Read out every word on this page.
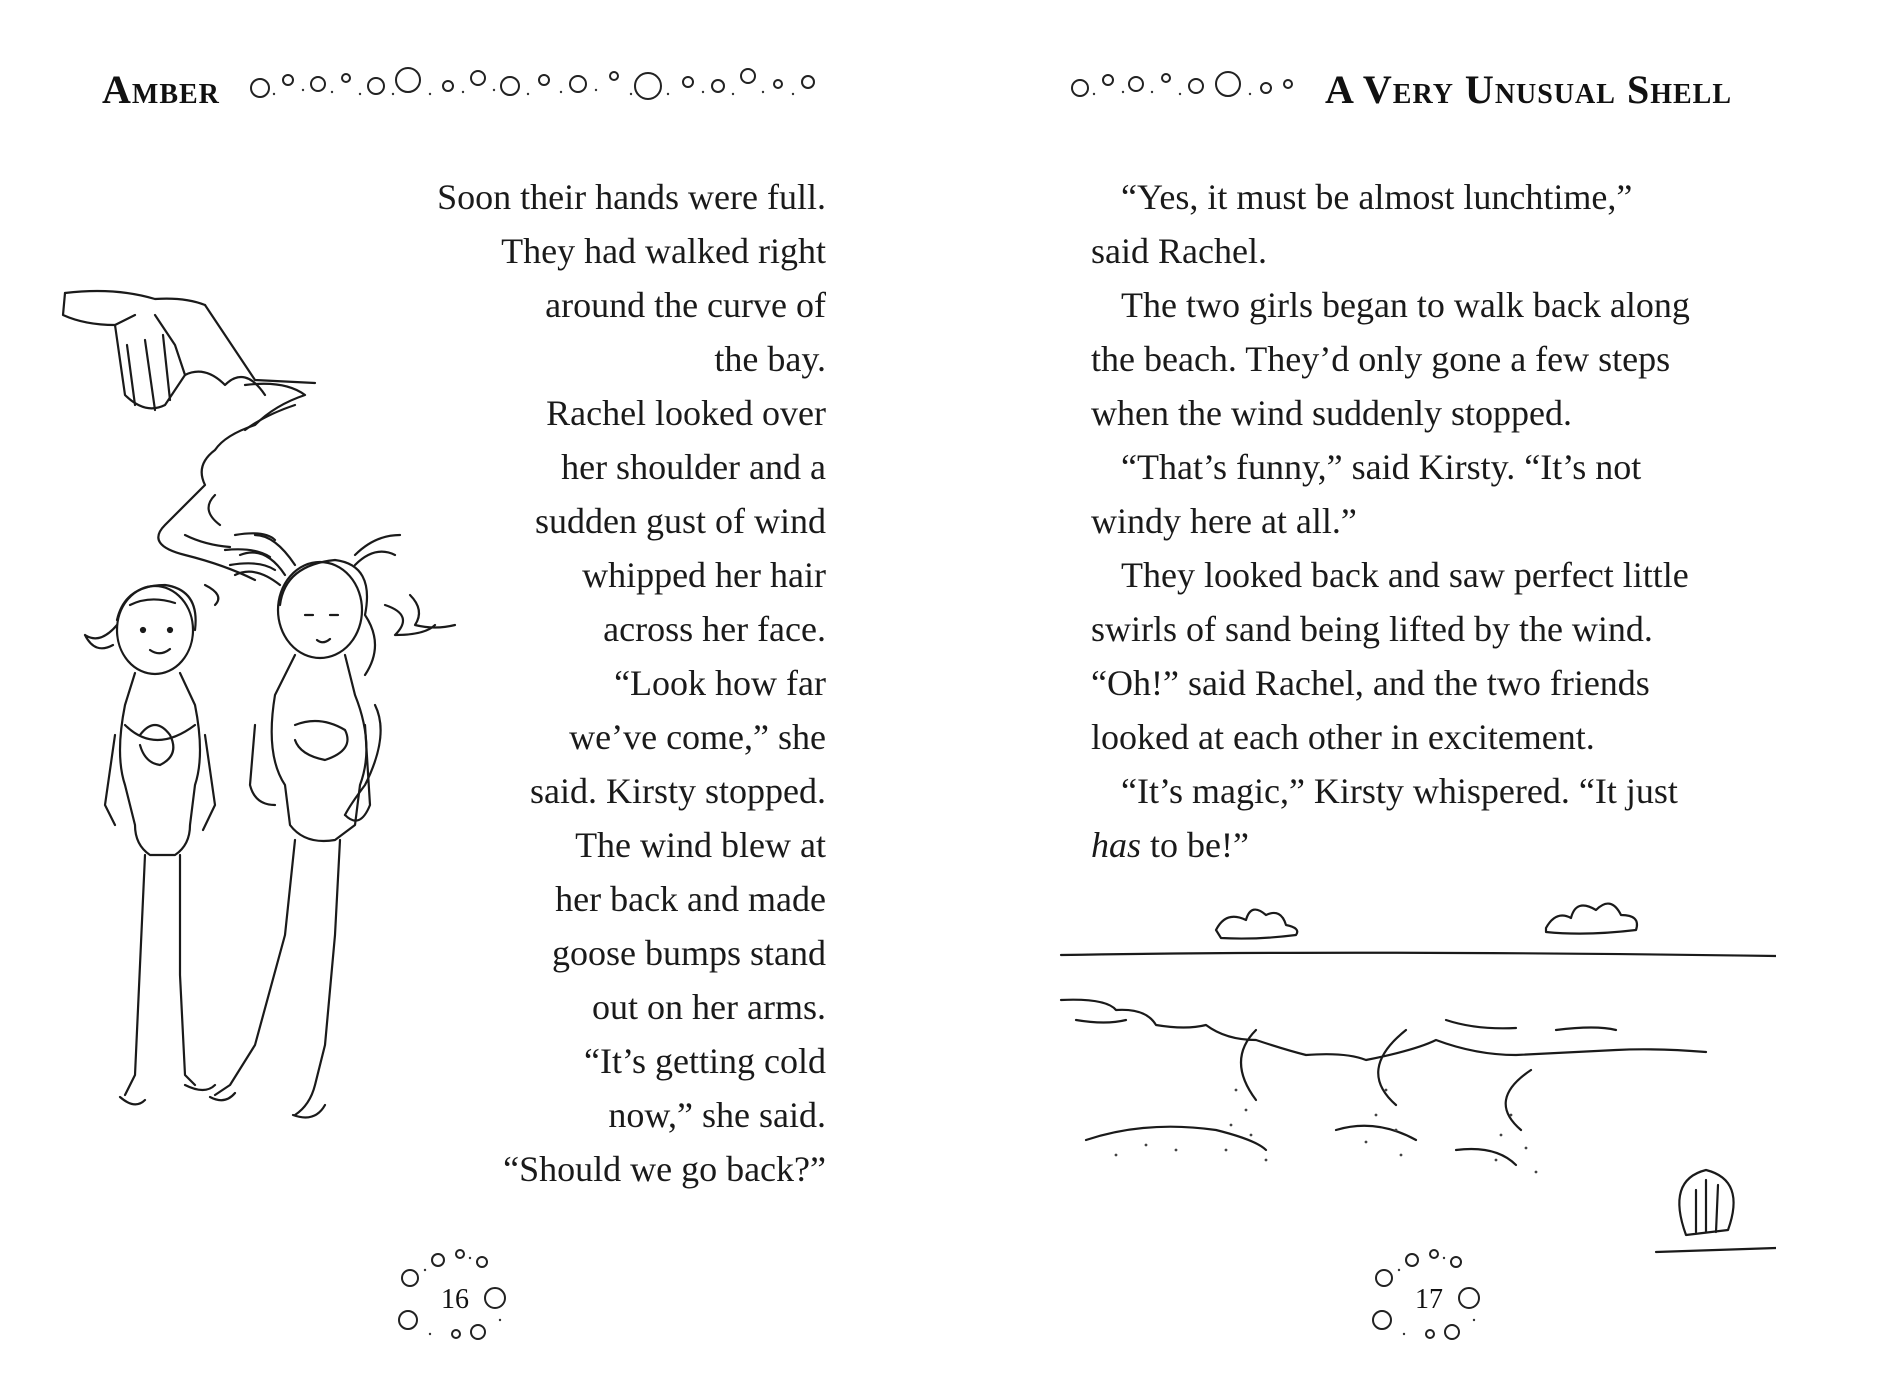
Amber

Soon their hands were full.

They had walked right

around the curve of

the bay.

Rachel looked over

her shoulder and a

sudden gust of wind

whipped her hair

across her face.

“Look how far

we’ve come,” she

said. Kirsty stopped.

The wind blew at

her back and made

goose bumps stand

out on her arms.

“It’s getting cold

now,” she said.

“Should we go back?”

16
A Very Unusual Shell

“Yes, it must be almost lunchtime,”

said Rachel.

The two girls began to walk back along

the beach. They’d only gone a few steps

when the wind suddenly stopped.

“That’s funny,” said Kirsty. “It’s not

windy here at all.”

They looked back and saw perfect little

swirls of sand being lifted by the wind.

“Oh!” said Rachel, and the two friends

looked at each other in excitement.

“It’s magic,” Kirsty whispered. “It just

has to be!”

17
